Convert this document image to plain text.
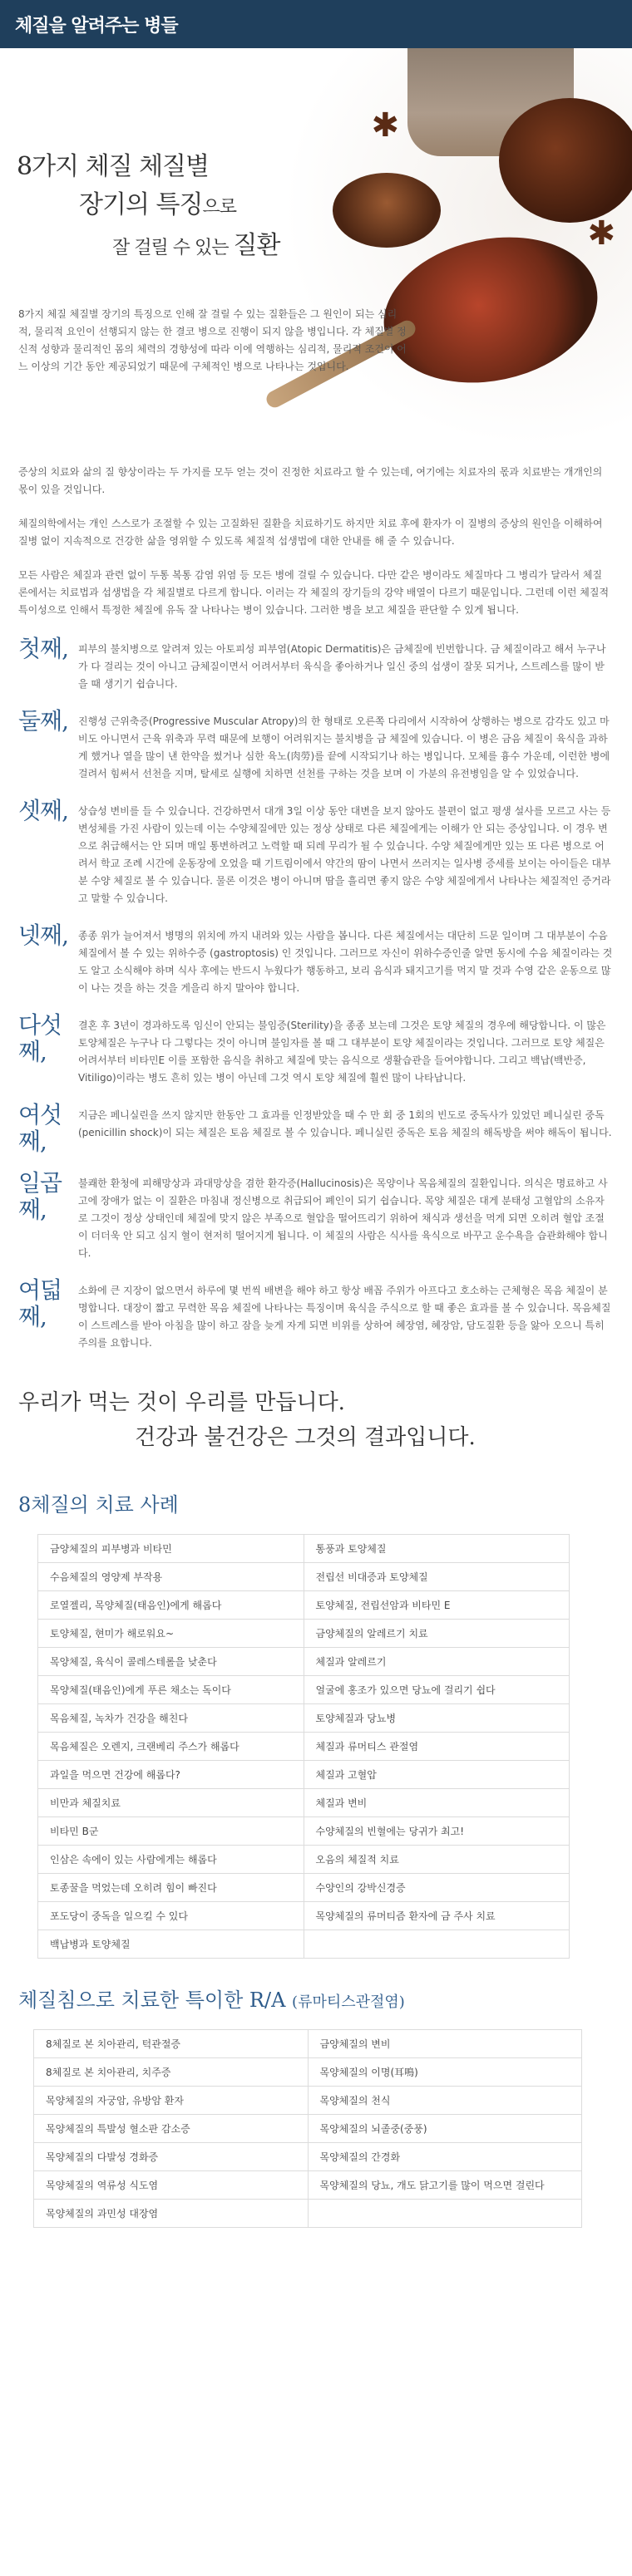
체질을 알려주는 병들
✱
✱
8가지 체질 체질별
장기의 특징으로
잘 걸릴 수 있는 질환
8가지 체질 체질별 장기의 특징으로 인해 잘 걸릴 수 있는 질환들은 그 원인이 되는 심리적, 물리적 요인이 선행되지 않는 한 결코 병으로 진행이 되지 않을 병입니다. 각 체질별 정신적 성향과 물리적인 몸의 체력의 경향성에 따라 이에 역행하는 심리적, 물리적 조건이 어느 이상의 기간 동안 제공되었기 때문에 구체적인 병으로 나타나는 것입니다.

증상의 치료와 삶의 질 향상이라는 두 가지를 모두 얻는 것이 진정한 치료라고 할 수 있는데, 여기에는 치료자의 몫과 치료받는 개개인의 몫이 있을 것입니다.

체질의학에서는 개인 스스로가 조절할 수 있는 고질화된 질환을 치료하기도 하지만 치료 후에 환자가 이 질병의 증상의 원인을 이해하여 질병 없이 지속적으로 건강한 삶을 영위할 수 있도록 체질적 섭생법에 대한 안내를 해 줄 수 있습니다.

모든 사람은 체질과 관련 없이 두통 복통 감염 위염 등 모든 병에 걸릴 수 있습니다. 다만 같은 병이라도 체질마다 그 병리가 달라서 체질 론에서는 치료법과 섭생법을 각 체질별로 다르게 합니다. 이러는 각 체질의 장기들의 강약 배열이 다르기 때문입니다. 그런데 이런 체질적 특이성으로 인해서 특정한 체질에 유독 잘 나타나는 병이 있습니다. 그러한 병을 보고 체질을 판단할 수 있게 됩니다.

첫째,	피부의 불치병으로 알려져 있는 아토피성 피부염(Atopic Dermatitis)은 금체질에 빈번합니다. 금 체질이라고 해서 누구나가 다 걸리는 것이 아니고 금체질이면서 어려서부터 육식을 좋아하거나 일신 중의 섭생이 잘못 되거나, 스트레스를 많이 받을 때 생기기 쉽습니다.
둘째,	진행성 근위축증(Progressive Muscular Atropy)의 한 형태로 오른쪽 다리에서 시작하여 상행하는 병으로 감각도 있고 마비도 아니면서 근육 위축과 무력 때문에 보행이 어려워지는 불치병을 금 체질에 있습니다. 이 병은 금음 체질이 육식을 과하게 했거나 열을 많이 낸 한약을 썼거나 심한 육노(肉勞)를 끝에 시작되기나 하는 병입니다. 모체를 흉수 가운데, 이런한 병에 걸려서 힘써서 선천을 지며, 탈세로 실행에 치하면 선천를 구하는 것을 보며 이 가분의 유전병임을 알 수 있었습니다.
셋째,	상습성 변비를 들 수 있습니다. 건강하면서 대개 3일 이상 동안 대변을 보지 않아도 불편이 없고 평생 설사를 모르고 사는 등 변성체를 가진 사람이 있는데 이는 수양체질에만 있는 정상 상태로 다른 체질에게는 이해가 안 되는 증상입니다. 이 경우 변으로 취급해서는 안 되며 매일 통변하려고 노력할 때 되레 무리가 될 수 있습니다. 수양 체질에게만 있는 또 다른 병으로 어려서 학교 조례 시간에 운동장에 오었을 때 기트림이에서 약간의 땀이 나면서 쓰러지는 일사병 증세를 보이는 아이들은 대부분 수양 체질로 볼 수 있습니다. 물론 이것은 병이 아니며 땀을 흘리면 좋지 않은 수양 체질에게서 나타나는 체질적인 증거라고 말할 수 있습니다.
넷째,	종종 위가 늘어져서 병명의 위치에 까지 내려와 있는 사람을 봅니다. 다른 체질에서는 대단히 드문 일이며 그 대부분이 수음 체질에서 볼 수 있는 위하수증 (gastroptosis) 인 것입니다. 그러므로 자신이 위하수증인줄 알면 동시에 수음 체질이라는 것도 알고 소식해야 하며 식사 후에는 반드시 누웠다가 행동하고, 보리 음식과 돼지고기를 먹지 말 것과 수영 같은 운동으로 많이 나는 것을 하는 것을 게을리 하지 말아야 합니다.
다섯째,
결혼 후 3년이 경과하도록 임신이 안되는 불임증(Sterility)을 종종 보는데 그것은 토양 체질의 경우에 해당합니다. 이 많은 토양체질은 누구나 다 그렇다는 것이 아니며 불임자를 볼 때 그 대부분이 토양 체질이라는 것입니다. 그러므로 토양 체질은 어려서부터 비타민E 이를 포함한 음식을 취하고 체질에 맞는 음식으로 생활습관을 들여야합니다. 그리고 백납(백반증, Vitiligo)이라는 병도 흔히 있는 병이 아닌데 그것 역시 토양 체질에 훨씬 많이 나타납니다.
여섯째,
지금은 페니실린을 쓰지 않지만 한동안 그 효과를 인정받았을 때 수 만 회 중 1회의 빈도로 중독사가 있었던 페니실린 중독(penicillin shock)이 되는 체질은 토음 체질로 볼 수 있습니다. 페니실린 중독은 토음 체질의 해독방을 써야 해독이 됩니다.
일곱째,
불쾌한 환청에 피해망상과 과대망상을 겸한 환각증(Hallucinosis)은 목양이나 목음체질의 질환입니다. 의식은 명료하고 사고에 장애가 없는 이 질환은 마침내 정신병으로 취급되어 폐인이 되기 쉽습니다. 목양 체질은 대게 분태성 고혈압의 소유자로 그것이 정상 상태인데 체질에 맞지 않은 부족으로 혈압을 떨어뜨리기 위하여 채식과 생선을 먹게 되면 오히려 혈압 조절이 더더욱 안 되고 심지 혈이 현저히 떨어지게 됩니다. 이 체질의 사람은 식사를 육식으로 바꾸고 운수욕을 습관화해야 합니다.
여덟째,
소화에 큰 지장이 없으면서 하루에 몇 번씩 배변을 해야 하고 항상 배꼽 주위가 아프다고 호소하는 근체형은 목음 체질이 분명합니다. 대장이 짧고 무력한 목음 체질에 나타나는 특징이며 육식을 주식으로 할 때 좋은 효과를 볼 수 있습니다. 목음체질이 스트레스를 받아 아침을 많이 하고 잠을 늦게 자게 되면 비위를 상하여 혜장염, 혜장암, 담도질환 등을 앓아 오으니 특히 주의를 요합니다.
우리가 먹는 것이 우리를 만듭니다.
건강과 불건강은 그것의 결과입니다.
8체질의 치료 사례
금양체질의 피부병과 비타민	통풍과 토양체질
수음체질의 영양제 부작용	전립선 비대증과 토양체질
로열젤리, 목양체질(태음인)에게 해롭다	토양체질, 전립선암과 비타민 E
토양체질, 현미가 해로워요~	금양체질의 알레르기 치료
목양체질, 육식이 콜레스테롤을 낮춘다	체질과 알레르기
목양체질(태음인)에게 푸른 채소는 독이다	얼굴에 홍조가 있으면 당뇨에 걸리기 쉽다
목음체질, 녹차가 건강을 해친다	토양체질과 당뇨병
목음체질은 오렌지, 크랜베리 주스가 해롭다	체질과 류머티스 관절염
과일을 먹으면 건강에 해롭다?	체질과 고혈압
비만과 체질치료	체질과 변비
비타민 B군	수양체질의 빈혈에는 당귀가 최고!
인삼은 속에이 있는 사람에게는 해롭다	오음의 체질적 치료
토종꿀을 먹었는데 오히려 힘이 빠진다	수양인의 강박신경증
포도당이 중독을 일으킬 수 있다	목양체질의 류머티즘 환자에 금 주사 치료
백납병과 토양체질	
체질침으로 치료한 특이한 R/A (류마티스관절염)
8체질로 본 치아관리, 턱관절증	금양체질의 변비
8체질로 본 치아관리, 치주증	목양체질의 이명(耳鳴)
목양체질의 자궁암, 유방암 환자	목양체질의 천식
목양체질의 특발성 혈소판 감소증	목양체질의 뇌졸중(중풍)
목양체질의 다발성 경화증	목양체질의 간경화
목양체질의 역류성 식도염	목양체질의 당뇨, 개도 닭고기를 많이 먹으면 걸린다
목양체질의 과민성 대장염	
